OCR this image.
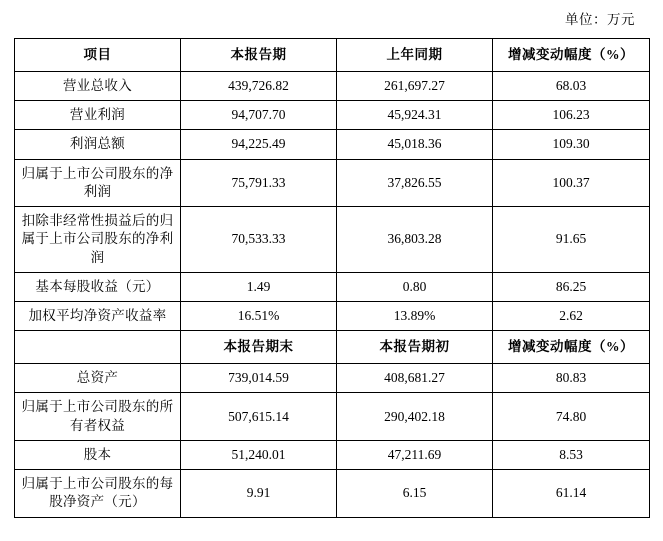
单位：万元
项目	本报告期	上年同期	增减变动幅度（%）
营业总收入	439,726.82	261,697.27	68.03
营业利润	94,707.70	45,924.31	106.23
利润总额	94,225.49	45,018.36	109.30
归属于上市公司股东的净利润	75,791.33	37,826.55	100.37
扣除非经常性损益后的归属于上市公司股东的净利润	70,533.33	36,803.28	91.65
基本每股收益（元）	1.49	0.80	86.25
加权平均净资产收益率	16.51%	13.89%	2.62
	本报告期末	本报告期初	增减变动幅度（%）
总资产	739,014.59	408,681.27	80.83
归属于上市公司股东的所有者权益	507,615.14	290,402.18	74.80
股本	51,240.01	47,211.69	8.53
归属于上市公司股东的每股净资产（元）	9.91	6.15	61.14
